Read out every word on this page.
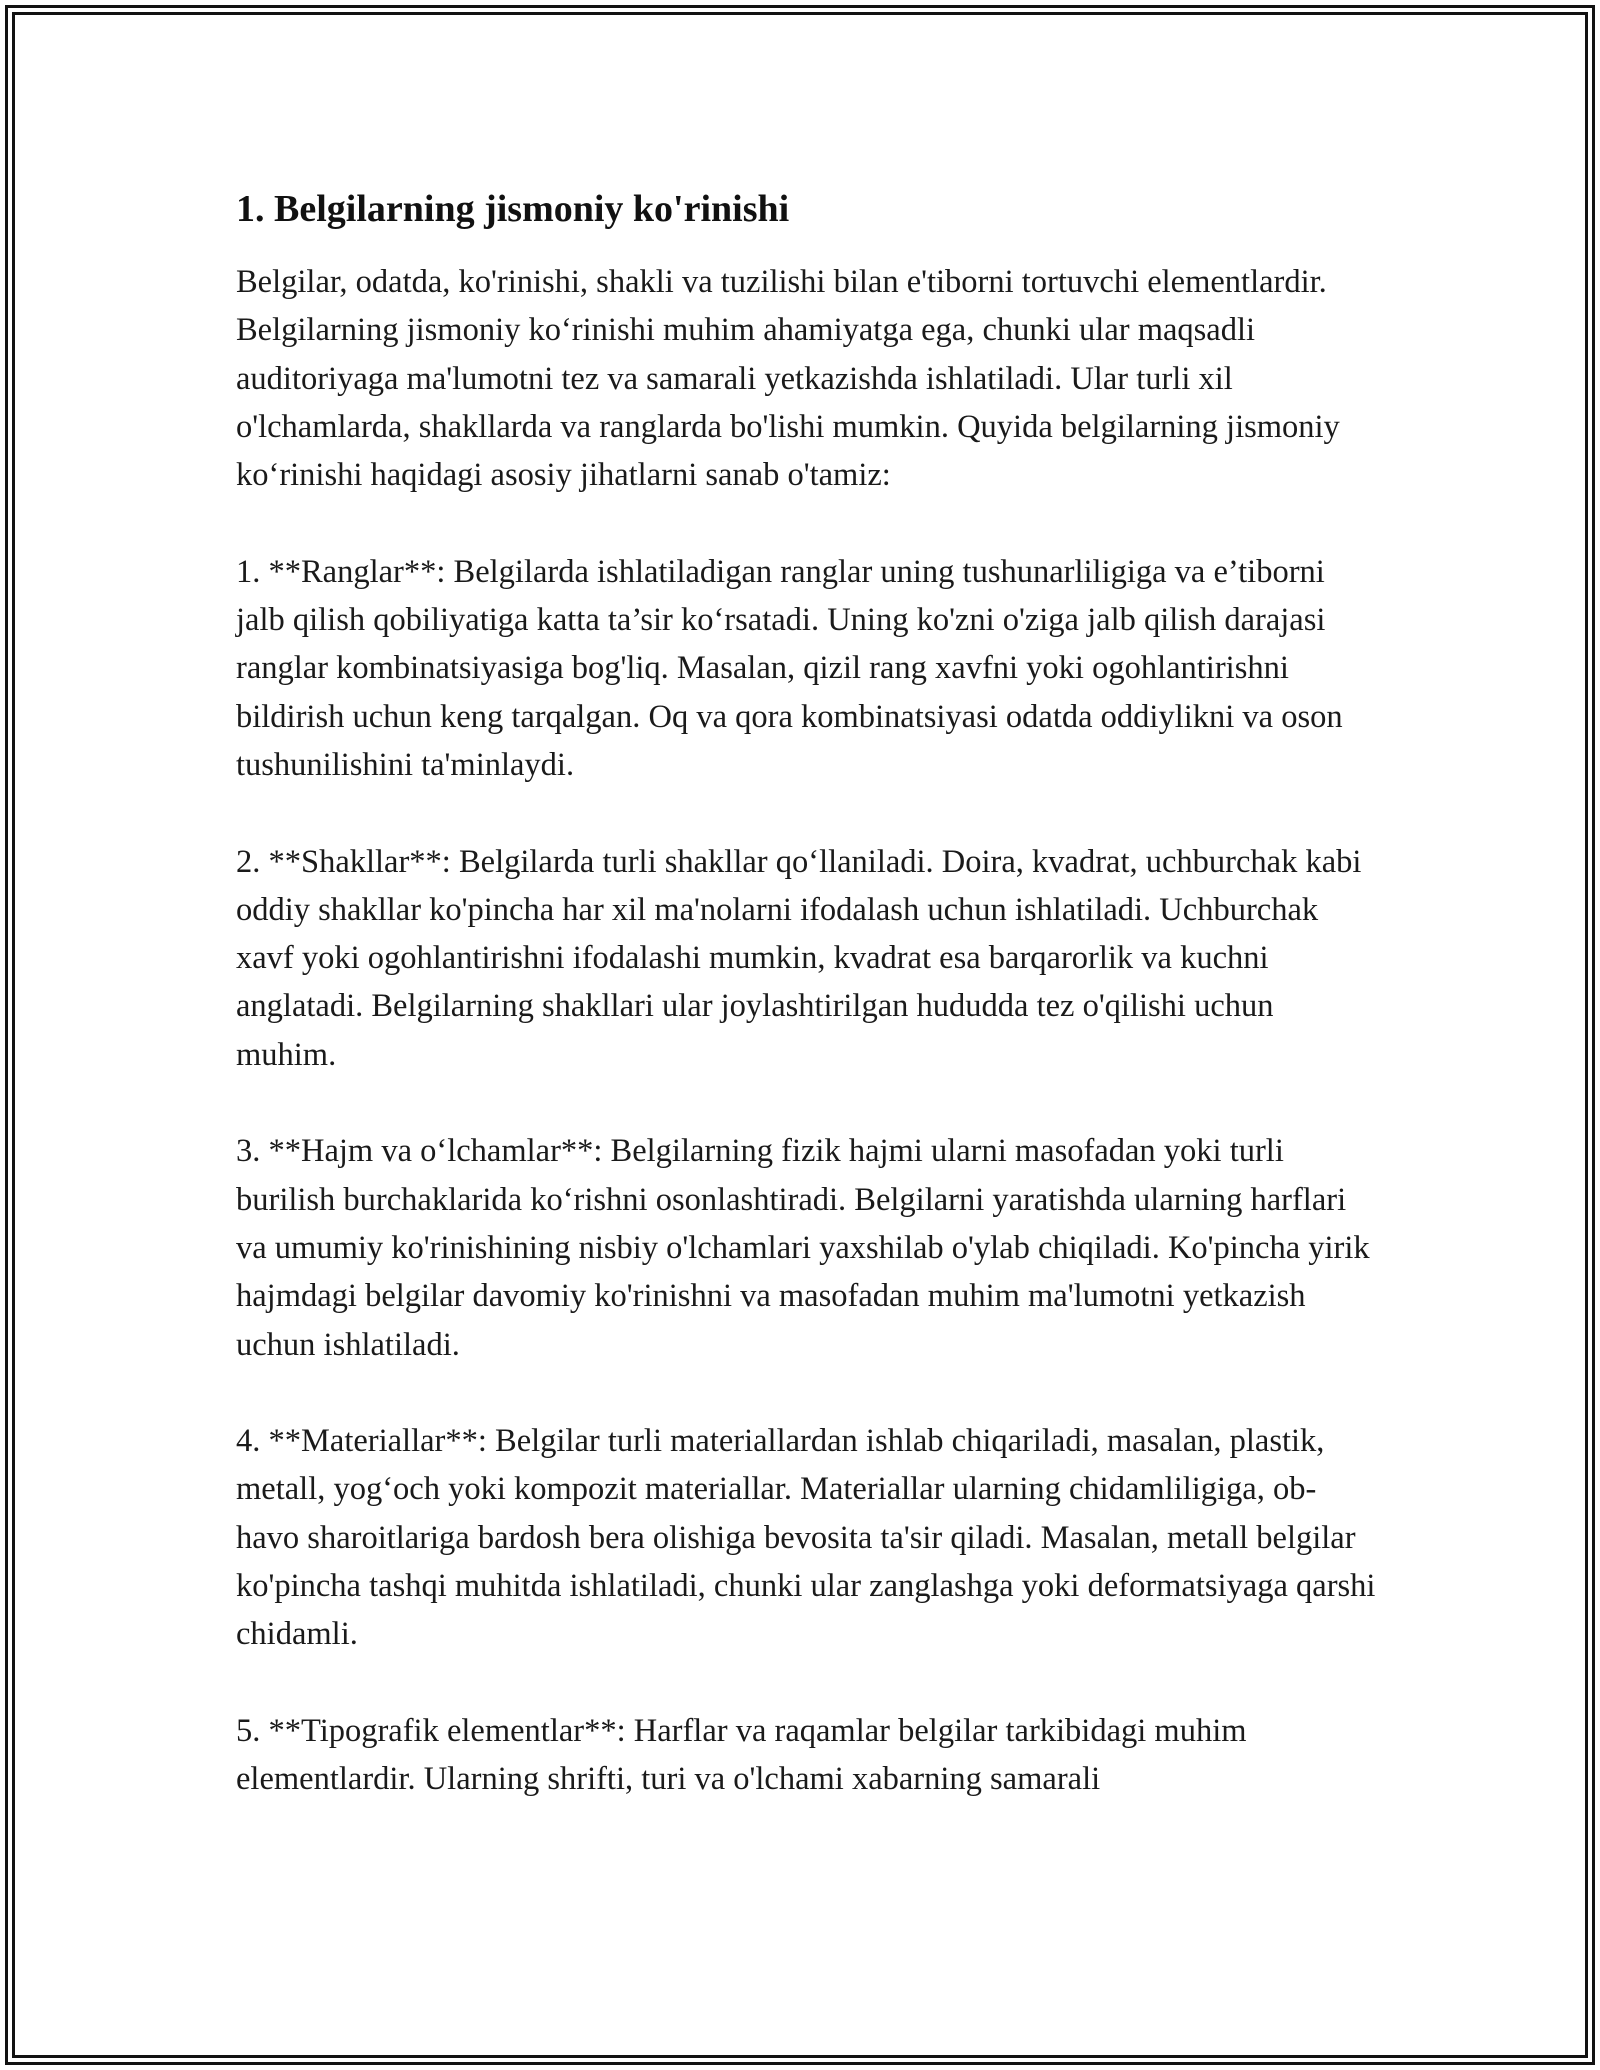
1. Belgilarning jismoniy ko'rinishi

Belgilar, odatda, ko'rinishi, shakli va tuzilishi bilan e'tiborni tortuvchi elementlardir. Belgilarning jismoniy ko‘rinishi muhim ahamiyatga ega, chunki ular maqsadli auditoriyaga ma'lumotni tez va samarali yetkazishda ishlatiladi. Ular turli xil o'lchamlarda, shakllarda va ranglarda bo'lishi mumkin. Quyida belgilarning jismoniy ko‘rinishi haqidagi asosiy jihatlarni sanab o'tamiz:

1. **Ranglar**: Belgilarda ishlatiladigan ranglar uning tushunarliligiga va e’tiborni jalb qilish qobiliyatiga katta ta’sir ko‘rsatadi. Uning ko'zni o'ziga jalb qilish darajasi ranglar kombinatsiyasiga bog'liq. Masalan, qizil rang xavfni yoki ogohlantirishni bildirish uchun keng tarqalgan. Oq va qora kombinatsiyasi odatda oddiylikni va oson tushunilishini ta'minlaydi.

2. **Shakllar**: Belgilarda turli shakllar qo‘llaniladi. Doira, kvadrat, uchburchak kabi oddiy shakllar ko'pincha har xil ma'nolarni ifodalash uchun ishlatiladi. Uchburchak xavf yoki ogohlantirishni ifodalashi mumkin, kvadrat esa barqarorlik va kuchni anglatadi. Belgilarning shakllari ular joylashtirilgan hududda tez o'qilishi uchun muhim.

3. **Hajm va o‘lchamlar**: Belgilarning fizik hajmi ularni masofadan yoki turli burilish burchaklarida ko‘rishni osonlashtiradi. Belgilarni yaratishda ularning harflari va umumiy ko'rinishining nisbiy o'lchamlari yaxshilab o'ylab chiqiladi. Ko'pincha yirik hajmdagi belgilar davomiy ko'rinishni va masofadan muhim ma'lumotni yetkazish uchun ishlatiladi.

4. **Materiallar**: Belgilar turli materiallardan ishlab chiqariladi, masalan, plastik, metall, yog‘och yoki kompozit materiallar. Materiallar ularning chidamliligiga, ob-havo sharoitlariga bardosh bera olishiga bevosita ta'sir qiladi. Masalan, metall belgilar ko'pincha tashqi muhitda ishlatiladi, chunki ular zanglashga yoki deformatsiyaga qarshi chidamli.

5. **Tipografik elementlar**: Harflar va raqamlar belgilar tarkibidagi muhim elementlardir. Ularning shrifti, turi va o'lchami xabarning samarali
